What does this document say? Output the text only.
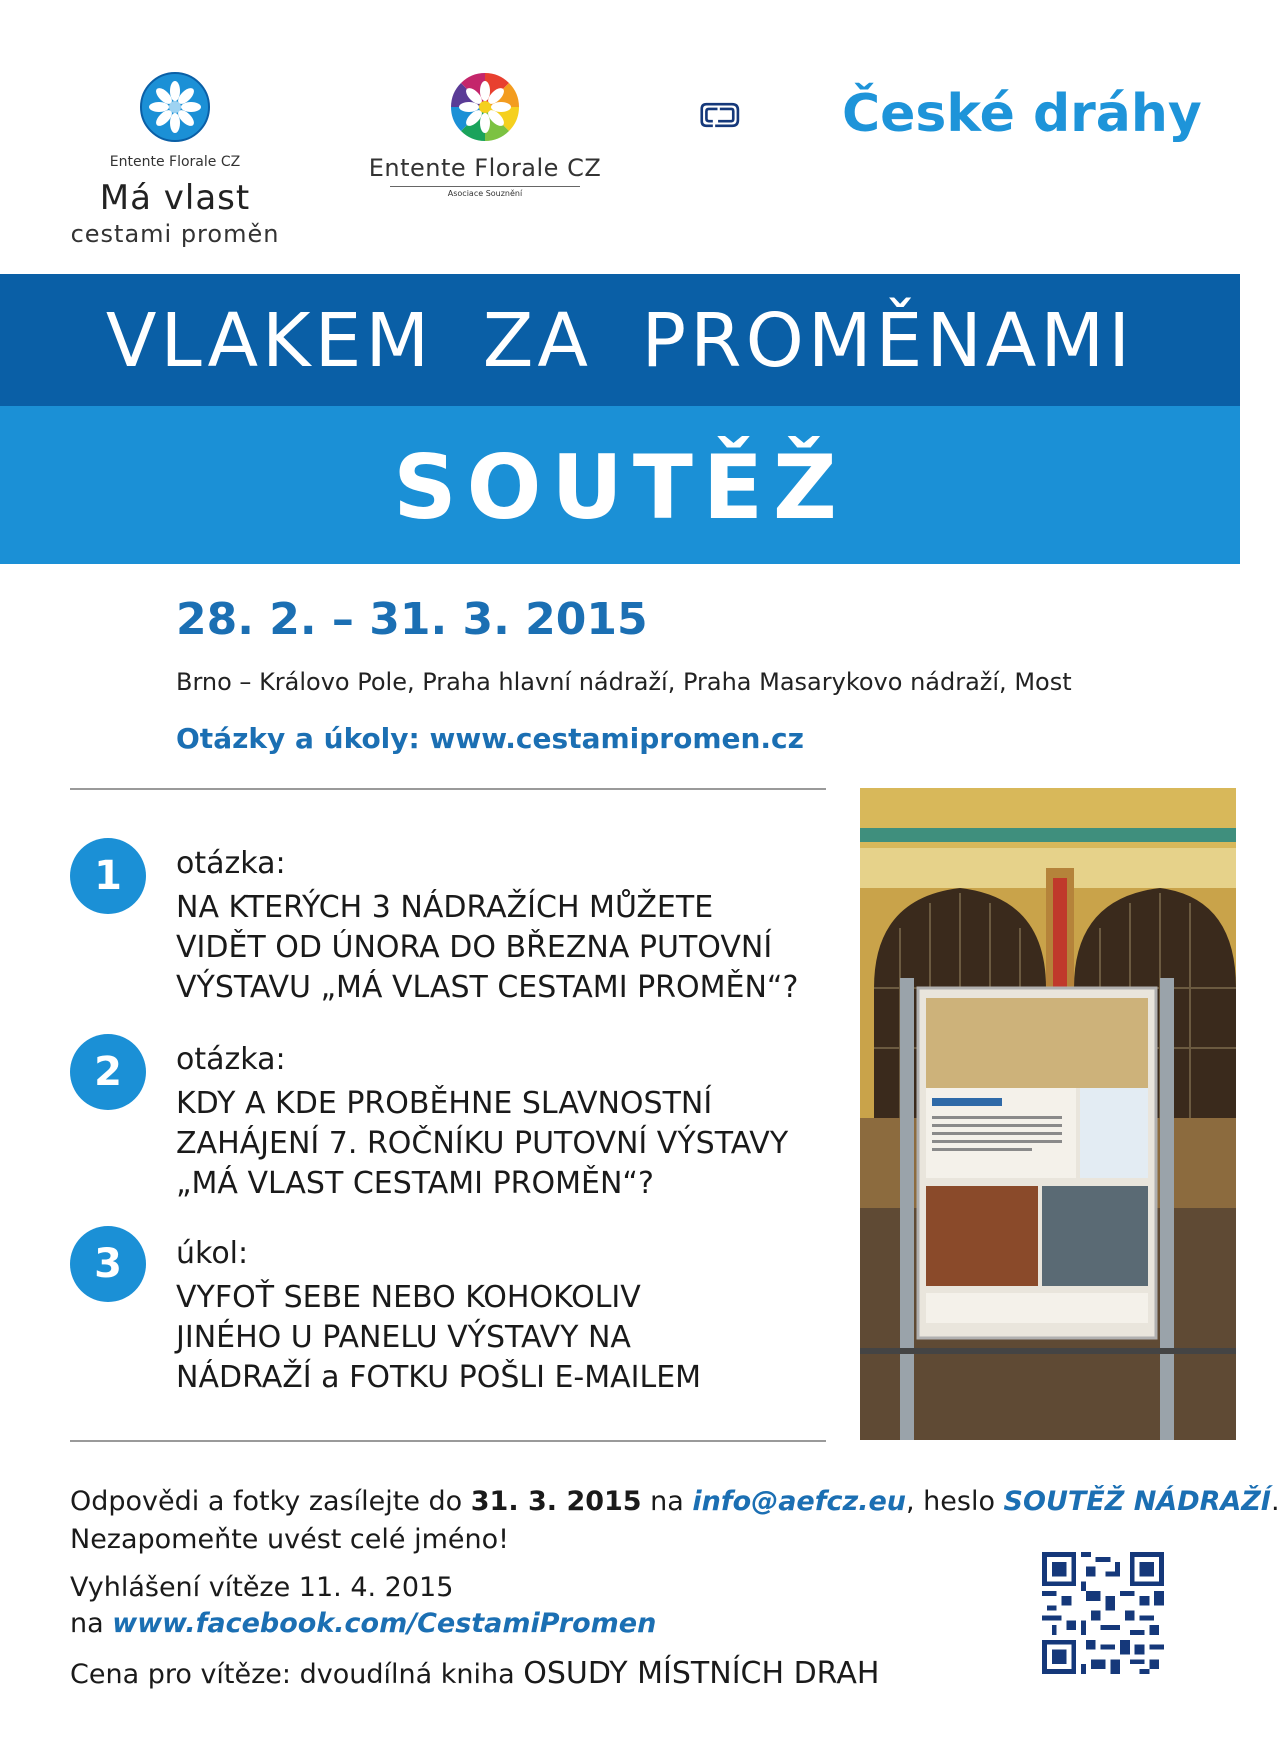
Entente Florale CZ
Má vlast
cestami proměn
Entente Florale CZ
Asociace Souznění
České dráhy
VLAKEM ZA PROMĚNAMI
SOUTĚŽ
28. 2. – 31. 3. 2015
Brno – Královo Pole, Praha hlavní nádraží, Praha Masarykovo nádraží, Most
Otázky a úkoly: www.cestamipromen.cz
1	otázka:
NA KTERÝCH 3 NÁDRAŽÍCH MŮŽETE
VIDĚT OD ÚNORA DO BŘEZNA PUTOVNÍ
VÝSTAVU „MÁ VLAST CESTAMI PROMĚN“?
2	otázka:
KDY A KDE PROBĚHNE SLAVNOSTNÍ
ZAHÁJENÍ 7. ROČNÍKU PUTOVNÍ VÝSTAVY
„MÁ VLAST CESTAMI PROMĚN“?
3	úkol:
VYFOŤ SEBE NEBO KOHOKOLIV
JINÉHO U PANELU VÝSTAVY NA
NÁDRAŽÍ a FOTKU POŠLI E-MAILEM
Odpovědi a fotky zasílejte do 31. 3. 2015 na info@aefcz.eu, heslo SOUTĚŽ NÁDRAŽÍ.
Nezapomeňte uvést celé jméno!
Vyhlášení vítěze 11. 4. 2015
na www.facebook.com/CestamiPromen
Cena pro vítěze: dvoudílná kniha OSUDY MÍSTNÍCH DRAH
